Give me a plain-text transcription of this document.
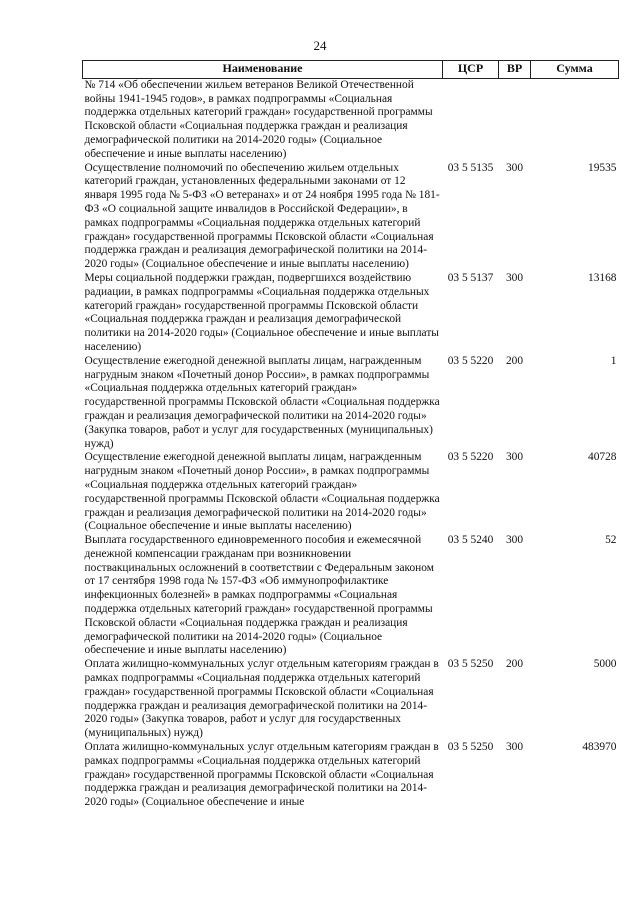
24
Наименование	ЦСР	ВР	Сумма
№ 714 «Об обеспечении жильем ветеранов Великой Отечественной войны 1941-1945 годов», в рамках подпрограммы «Социальная поддержка отдельных категорий граждан» государственной программы Псковской области «Социальная поддержка граждан и реализация демографической политики на 2014-2020 годы» (Социальное обеспечение и иные выплаты населению)			
Осуществление полномочий по обеспечению жильем отдельных категорий граждан, установленных федеральными законами от 12 января 1995 года № 5-ФЗ «О ветеранах» и от 24 ноября 1995 года № 181-ФЗ «О социальной защите инвалидов в Российской Федерации», в рамках подпрограммы «Социальная поддержка отдельных категорий граждан» государственной программы Псковской области «Социальная поддержка граждан и реализация демографической политики на 2014-2020 годы» (Социальное обеспечение и иные выплаты населению)	03 5 5135	300	19535
Меры социальной поддержки граждан, подвергшихся воздействию радиации, в рамках подпрограммы «Социальная поддержка отдельных категорий граждан» государственной программы Псковской области «Социальная поддержка граждан и реализация демографической политики на 2014-2020 годы» (Социальное обеспечение и иные выплаты населению)	03 5 5137	300	13168
Осуществление ежегодной денежной выплаты лицам, награжденным нагрудным знаком «Почетный донор России», в рамках подпрограммы «Социальная поддержка отдельных категорий граждан» государственной программы Псковской области «Социальная поддержка граждан и реализация демографической политики на 2014-2020 годы» (Закупка товаров, работ и услуг для государственных (муниципальных) нужд)	03 5 5220	200	1
Осуществление ежегодной денежной выплаты лицам, награжденным нагрудным знаком «Почетный донор России», в рамках подпрограммы «Социальная поддержка отдельных категорий граждан» государственной программы Псковской области «Социальная поддержка граждан и реализация демографической политики на 2014-2020 годы» (Социальное обеспечение и иные выплаты населению)	03 5 5220	300	40728
Выплата государственного единовременного пособия и ежемесячной денежной компенсации гражданам при возникновении поствакцинальных осложнений в соответствии с Федеральным законом от 17 сентября 1998 года № 157-ФЗ «Об иммунопрофилактике инфекционных болезней» в рамках подпрограммы «Социальная поддержка отдельных категорий граждан» государственной программы Псковской области «Социальная поддержка граждан и реализация демографической политики на 2014-2020 годы» (Социальное обеспечение и иные выплаты населению)	03 5 5240	300	52
Оплата жилищно-коммунальных услуг отдельным категориям граждан в рамках подпрограммы «Социальная поддержка отдельных категорий граждан» государственной программы Псковской области «Социальная поддержка граждан и реализация демографической политики на 2014-2020 годы» (Закупка товаров, работ и услуг для государственных (муниципальных) нужд)	03 5 5250	200	5000
Оплата жилищно-коммунальных услуг отдельным категориям граждан в рамках подпрограммы «Социальная поддержка отдельных категорий граждан» государственной программы Псковской области «Социальная поддержка граждан и реализация демографической политики на 2014-2020 годы» (Социальное обеспечение и иные	03 5 5250	300	483970
